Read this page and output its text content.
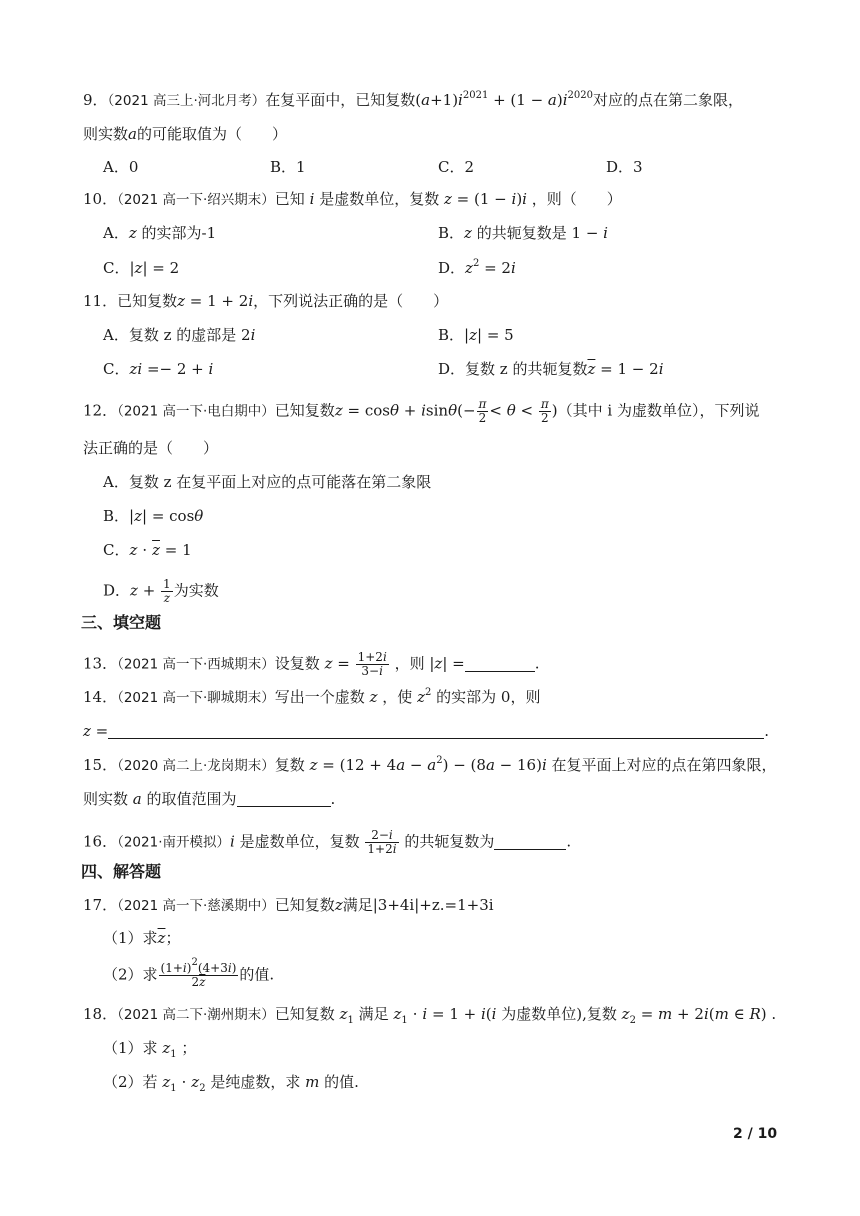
9．（2021 高三上·河北月考）在复平面中，已知复数$(a+1)i^{2021} + (1 - a)i^{2020}$对应的点在第二象限，
则实数a的可能取值为（　　）
A．0	B．1	C．2	D．3
10．（2021 高一下·绍兴期末）已知 i 是虚数单位，复数 z = (1 − i)i ，则（　　）
A．z 的实部为-1	B．z 的共轭复数是 1 − i
C．|z| = 2	D．$z^2 = 2i$
11．已知复数z = 1 + 2i，下列说法正确的是（　　）
A．复数 z 的虚部是 2i	B．|z| = 5
C．zi =− 2 + i	D．复数 z 的共轭复数$\overline{z} = 1 - 2i$
12．（2021 高一下·电白期中）已知复数$z = \cos\theta + isin\theta(- \frac{\pi}{2} < \theta < \frac{\pi}{2}$ )（其中 i 为虚数单位），下列说
法正确的是（　　）
A．复数 z 在复平面上对应的点可能落在第二象限
B．|z| = cosθ
C．$z \cdot \overline{z} = 1$
D．$z + \frac{1}{z}$ 为实数
三、填空题
13．（2021 高一下·西城期末）设复数 $z = \frac{1+2i}{3-i}$ ，则 |z| =	.
14．（2021 高一下·聊城期末）写出一个虚数 z ，使 $z^2$ 的实部为 0，则
z =	.
15．（2020 高二上·龙岗期末）复数 $z = (12 + 4a - a^2) - (8a - 16)i$ 在复平面上对应的点在第四象限，
则实数 a 的取值范围为	.
16．（2021·南开模拟）i 是虚数单位，复数 $\frac{2-i}{1+2i}$ 的共轭复数为	.
四、解答题
17．（2021 高一下·慈溪期中）已知复数z满足|3+4i|+z.=1+3i
（1）求$\overline{z}$；
（2）求 $\frac{(1+i)^2(4+3i)}{2\overline{z}}$ 的值.
18．（2021 高二下·潮州期末）已知复数 $z_1$ 满足 $z_1 \cdot i = 1 + i(i$ 为虚数单位),复数 $z_2 = m + 2i(m$ ∈ R) .
（1）求 $z_1$ ；
（2）若 $z_1 \cdot z_2$ 是纯虚数，求 m 的值.
2 / 10
